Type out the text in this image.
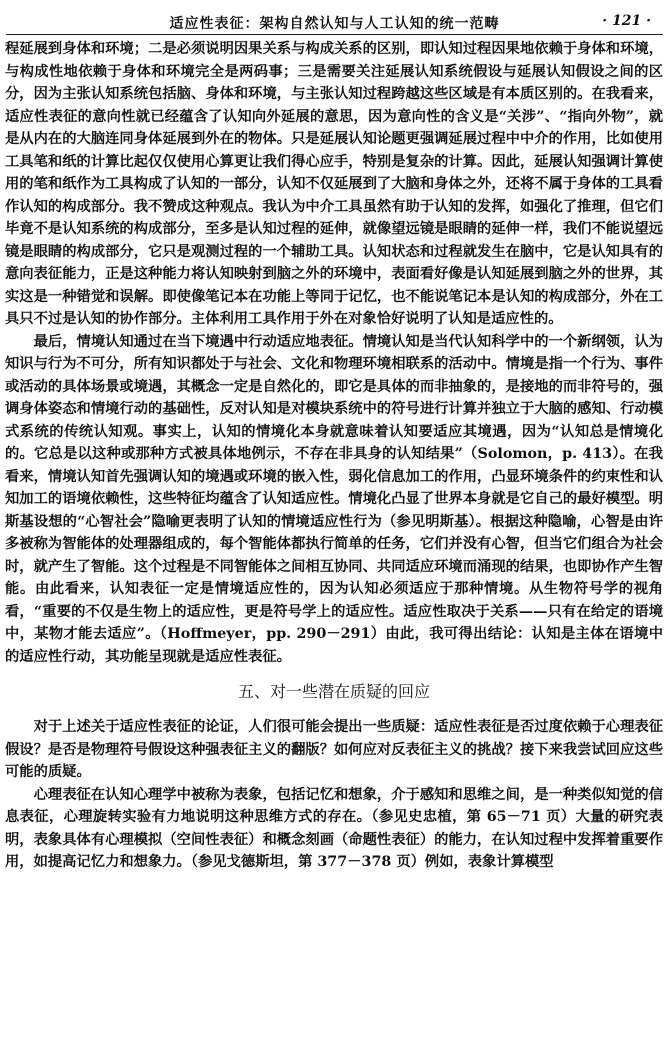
适应性表征：架构自然认知与人工认知的统一范畴	· 121 ·

程延展到身体和环境；二是必须说明因果关系与构成关系的区别，即认知过程因果地依赖于身体和环境，与构成性地依赖于身体和环境完全是两码事；三是需要关注延展认知系统假设与延展认知假设之间的区分，因为主张认知系统包括脑、身体和环境，与主张认知过程跨越这些区域是有本质区别的。在我看来，适应性表征的意向性就已经蕴含了认知向外延展的意思，因为意向性的含义是“关涉”、“指向外物”，就是从内在的大脑连同身体延展到外在的物体。只是延展认知论题更强调延展过程中中介的作用，比如使用工具笔和纸的计算比起仅仅使用心算更让我们得心应手，特别是复杂的计算。因此，延展认知强调计算使用的笔和纸作为工具构成了认知的一部分，认知不仅延展到了大脑和身体之外，还将不属于身体的工具看作认知的构成部分。我不赞成这种观点。我认为中介工具虽然有助于认知的发挥，如强化了推理，但它们毕竟不是认知系统的构成部分，至多是认知过程的延伸，就像望远镜是眼睛的延伸一样，我们不能说望远镜是眼睛的构成部分，它只是观测过程的一个辅助工具。认知状态和过程就发生在脑中，它是认知具有的意向表征能力，正是这种能力将认知映射到脑之外的环境中，表面看好像是认知延展到脑之外的世界，其实这是一种错觉和误解。即使像笔记本在功能上等同于记忆，也不能说笔记本是认知的构成部分，外在工具只不过是认知的协作部分。主体利用工具作用于外在对象恰好说明了认知是适应性的。

最后，情境认知通过在当下境遇中行动适应地表征。情境认知是当代认知科学中的一个新纲领，认为知识与行为不可分，所有知识都处于与社会、文化和物理环境相联系的活动中。情境是指一个行为、事件或活动的具体场景或境遇，其概念一定是自然化的，即它是具体的而非抽象的，是接地的而非符号的，强调身体姿态和情境行动的基础性，反对认知是对模块系统中的符号进行计算并独立于大脑的感知、行动模式系统的传统认知观。事实上，认知的情境化本身就意味着认知要适应其境遇，因为“认知总是情境化的。它总是以这种或那种方式被具体地例示，不存在非具身的认知结果”（Solomon，p. 413）。在我看来，情境认知首先强调认知的境遇或环境的嵌入性，弱化信息加工的作用，凸显环境条件的约束性和认知加工的语境依赖性，这些特征均蕴含了认知适应性。情境化凸显了世界本身就是它自己的最好模型。明斯基设想的“心智社会”隐喻更表明了认知的情境适应性行为（参见明斯基）。根据这种隐喻，心智是由许多被称为智能体的处理器组成的，每个智能体都执行简单的任务，它们并没有心智，但当它们组合为社会时，就产生了智能。这个过程是不同智能体之间相互协同、共同适应环境而涌现的结果，也即协作产生智能。由此看来，认知表征一定是情境适应性的，因为认知必须适应于那种情境。从生物符号学的视角看，“重要的不仅是生物上的适应性，更是符号学上的适应性。适应性取决于关系——只有在给定的语境中，某物才能去适应”。（Hoffmeyer，pp. 290－291）由此，我可得出结论：认知是主体在语境中的适应性行动，其功能呈现就是适应性表征。

五、对一些潜在质疑的回应

对于上述关于适应性表征的论证，人们很可能会提出一些质疑：适应性表征是否过度依赖于心理表征假设？是否是物理符号假设这种强表征主义的翻版？如何应对反表征主义的挑战？接下来我尝试回应这些可能的质疑。

心理表征在认知心理学中被称为表象，包括记忆和想象，介于感知和思维之间，是一种类似知觉的信息表征，心理旋转实验有力地说明这种思维方式的存在。（参见史忠植，第 65－71 页）大量的研究表明，表象具体有心理模拟（空间性表征）和概念刻画（命题性表征）的能力，在认知过程中发挥着重要作用，如提高记忆力和想象力。（参见戈德斯坦，第 377－378 页）例如，表象计算模型
